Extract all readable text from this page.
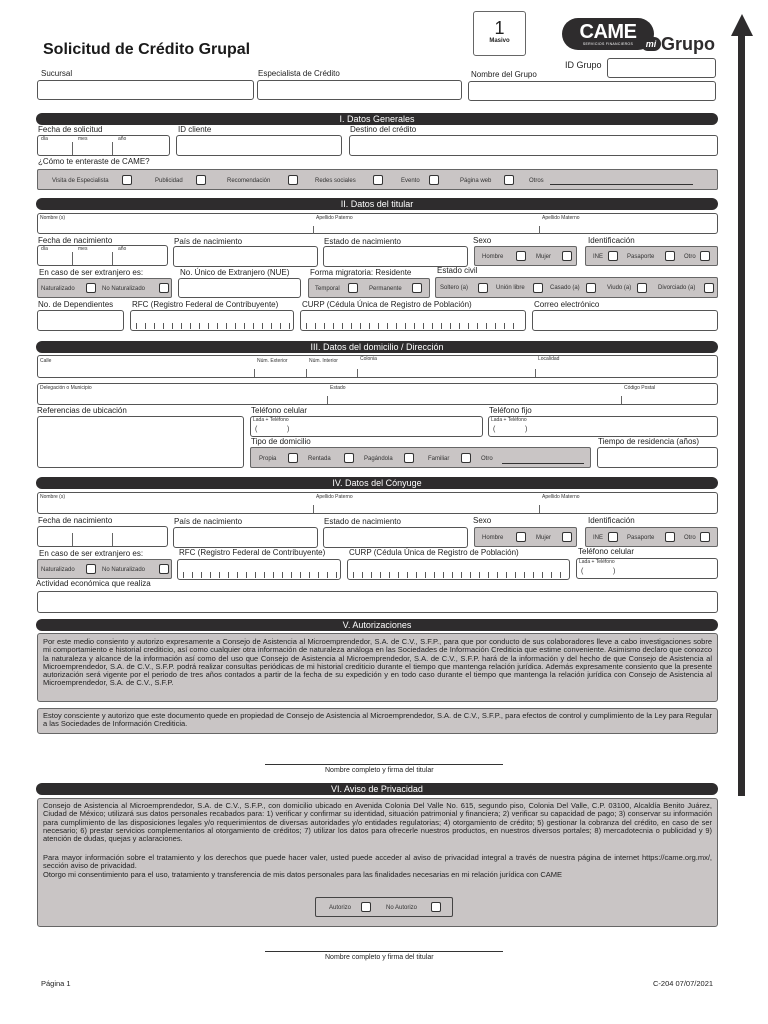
Solicitud de Crédito Grupal
1
Masivo	CAME
SERVICIOS FINANCIEROS	mi Grupo
ID Grupo
Sucursal	Especialista de Crédito	Nombre del Grupo
I. Datos Generales
Fecha de solicitud
día	mes	año
ID cliente	Destino del crédito
¿Cómo te enteraste de CAME?
Visita de Especialista	Publicidad	Recomendación	Redes sociales	Evento	Página web	Otros
II. Datos del titular
Nombre (s)	Apellido Paterno	Apellido Materno
Fecha de nacimiento
día	mes	año
País de nacimiento	Estado de nacimiento	Sexo
Hombre	Mujer
Identificación
INE	Pasaporte	Otro
En caso de ser extranjero es:
Naturalizado	No Naturalizado
No. Único de Extranjero (NUE)	Forma migratoria: Residente
Temporal	Permanente
Estado civil
Soltero (a)	Unión libre	Casado (a)	Viudo (a)	Divorciado (a)
No. de Dependientes RFC (Registro Federal de Contribuyente)	CURP (Cédula Única de Registro de Población)	Correo electrónico
III. Datos del domicilio / Dirección
Calle	Núm. Exterior	Núm. Interior	Colonia	Localidad
Delegación o Municipio	Estado	Código Postal
Referencias de ubicación	Teléfono celular
Lada + Teléfono
(	)
Teléfono fijo
Lada + Teléfono
(	)
Tipo de domicilio
Propia	Rentada	Pagándola	Familiar	Otro
Tiempo de residencia (años)
IV. Datos del Cónyuge
Nombre (s)	Apellido Paterno	Apellido Materno
Fecha de nacimiento	País de nacimiento	Estado de nacimiento	Sexo
Hombre	Mujer
Identificación
INE	Pasaporte	Otro
En caso de ser extranjero es:
Naturalizado	No Naturalizado
RFC (Registro Federal de Contribuyente)	CURP (Cédula Única de Registro de Población)	Teléfono celular
Lada + Teléfono
(	)
Actividad económica que realiza
V. Autorizaciones
Por este medio consiento y autorizo expresamente a Consejo de Asistencia al Microemprendedor, S.A. de C.V., S.F.P., para que por conducto de sus colaboradores lleve a cabo investigaciones sobre mi comportamiento e historial crediticio, así como cualquier otra información de naturaleza análoga en las Sociedades de Información Crediticia que estime conveniente. Asimismo declaro que conozco la naturaleza y alcance de la información así como del uso que Consejo de Asistencia al Microemprendedor, S.A. de C.V., S.F.P. hará de la información y del hecho de que Consejo de Asistencia al Microemprendedor, S.A. de C.V., S.F.P. podrá realizar consultas periódicas de mi historial crediticio durante el tiempo que mantenga relación jurídica. Además expresamente consiento que la presente autorización será vigente por el periodo de tres años contados a partir de la fecha de su expedición y en todo caso durante el tiempo que mantenga la relación jurídica con Consejo de Asistencia al Microemprendedor, S.A. de C.V., S.F.P.
Estoy consciente y autorizo que este documento quede en propiedad de Consejo de Asistencia al Microemprendedor, S.A. de C.V., S.F.P., para efectos de control y cumplimiento de la Ley para Regular a las Sociedades de Información Crediticia.
Nombre completo y firma del titular
VI. Aviso de Privacidad
Consejo de Asistencia al Microemprendedor, S.A. de C.V., S.F.P., con domicilio ubicado en Avenida Colonia Del Valle No. 615, segundo piso, Colonia Del Valle, C.P. 03100, Alcaldía Benito Juárez, Ciudad de México; utilizará sus datos personales recabados para: 1) verificar y confirmar su identidad, situación patrimonial y financiera; 2) verificar su capacidad de pago; 3) conservar su información para cumplimiento de las disposiciones legales y/o requerimientos de diversas autoridades y/o entidades regulatorias; 4) otorgamiento de crédito; 5) gestionar la cobranza del crédito, en caso de ser necesario; 6) prestar servicios complementarios al otorgamiento de créditos; 7) utilizar los datos para ofrecerle nuestros productos, en nuestros diversos portales; 8) mercadotecnia o publicidad y 9) atención de dudas, quejas y aclaraciones.
Para mayor información sobre el tratamiento y los derechos que puede hacer valer, usted puede acceder al aviso de privacidad integral a través de nuestra página de internet https://came.org.mx/, sección aviso de privacidad.
Otorgo mi consentimiento para el uso, tratamiento y transferencia de mis datos personales para las finalidades necesarias en mi relación jurídica con CAME
Autorizo	No Autorizo
Nombre completo y firma del titular
Página 1	C-204 07/07/2021
